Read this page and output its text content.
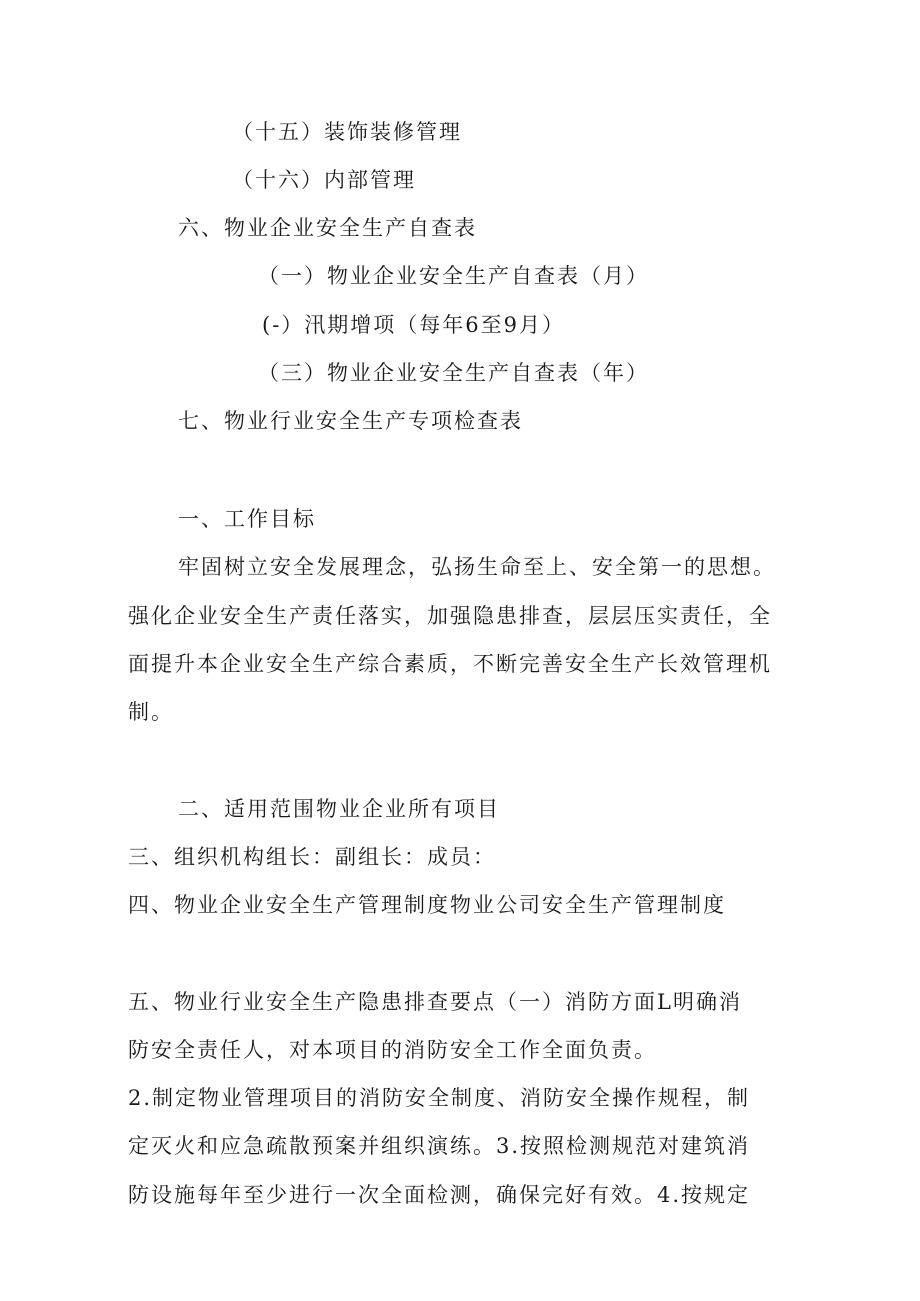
（十五）装饰装修管理
（十六）内部管理
六、物业企业安全生产自查表
（一）物业企业安全生产自查表（月）
(-）汛期增项（每年6至9月）
（三）物业企业安全生产自查表（年）
七、物业行业安全生产专项检查表
一、工作目标
牢固树立安全发展理念，弘扬生命至上、安全第一的思想。
强化企业安全生产责任落实，加强隐患排查，层层压实责任，全
面提升本企业安全生产综合素质，不断完善安全生产长效管理机
制。
二、适用范围物业企业所有项目
三、组织机构组长：副组长：成员：
四、物业企业安全生产管理制度物业公司安全生产管理制度
五、物业行业安全生产隐患排查要点（一）消防方面L明确消
防安全责任人，对本项目的消防安全工作全面负责。
2.制定物业管理项目的消防安全制度、消防安全操作规程，制
定灭火和应急疏散预案并组织演练。3.按照检测规范对建筑消
防设施每年至少进行一次全面检测，确保完好有效。4.按规定
